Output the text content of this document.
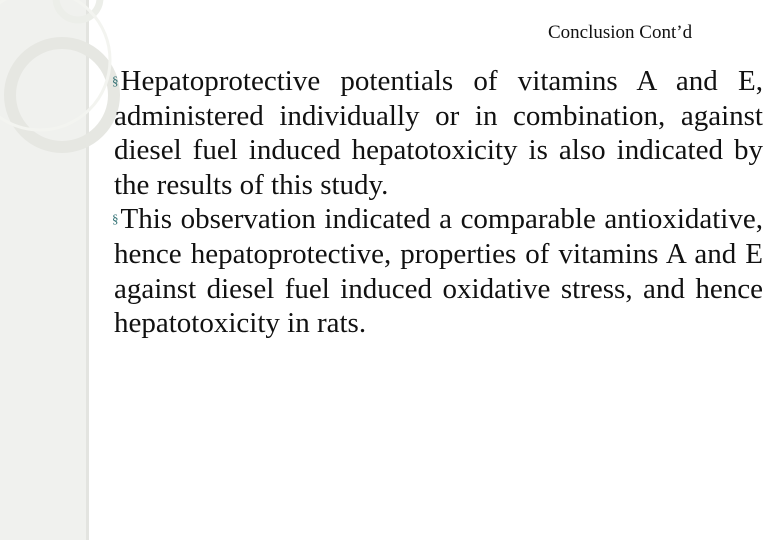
Conclusion Cont’d

§Hepatoprotective potentials of vitamins A and E, administered individually or in combination, against diesel fuel induced hepatotoxicity is also indicated by the results of this study.

§This observation indicated a comparable antioxidative, hence hepatoprotective, properties of vitamins A and E against diesel fuel induced oxidative stress, and hence hepatotoxicity in rats.
